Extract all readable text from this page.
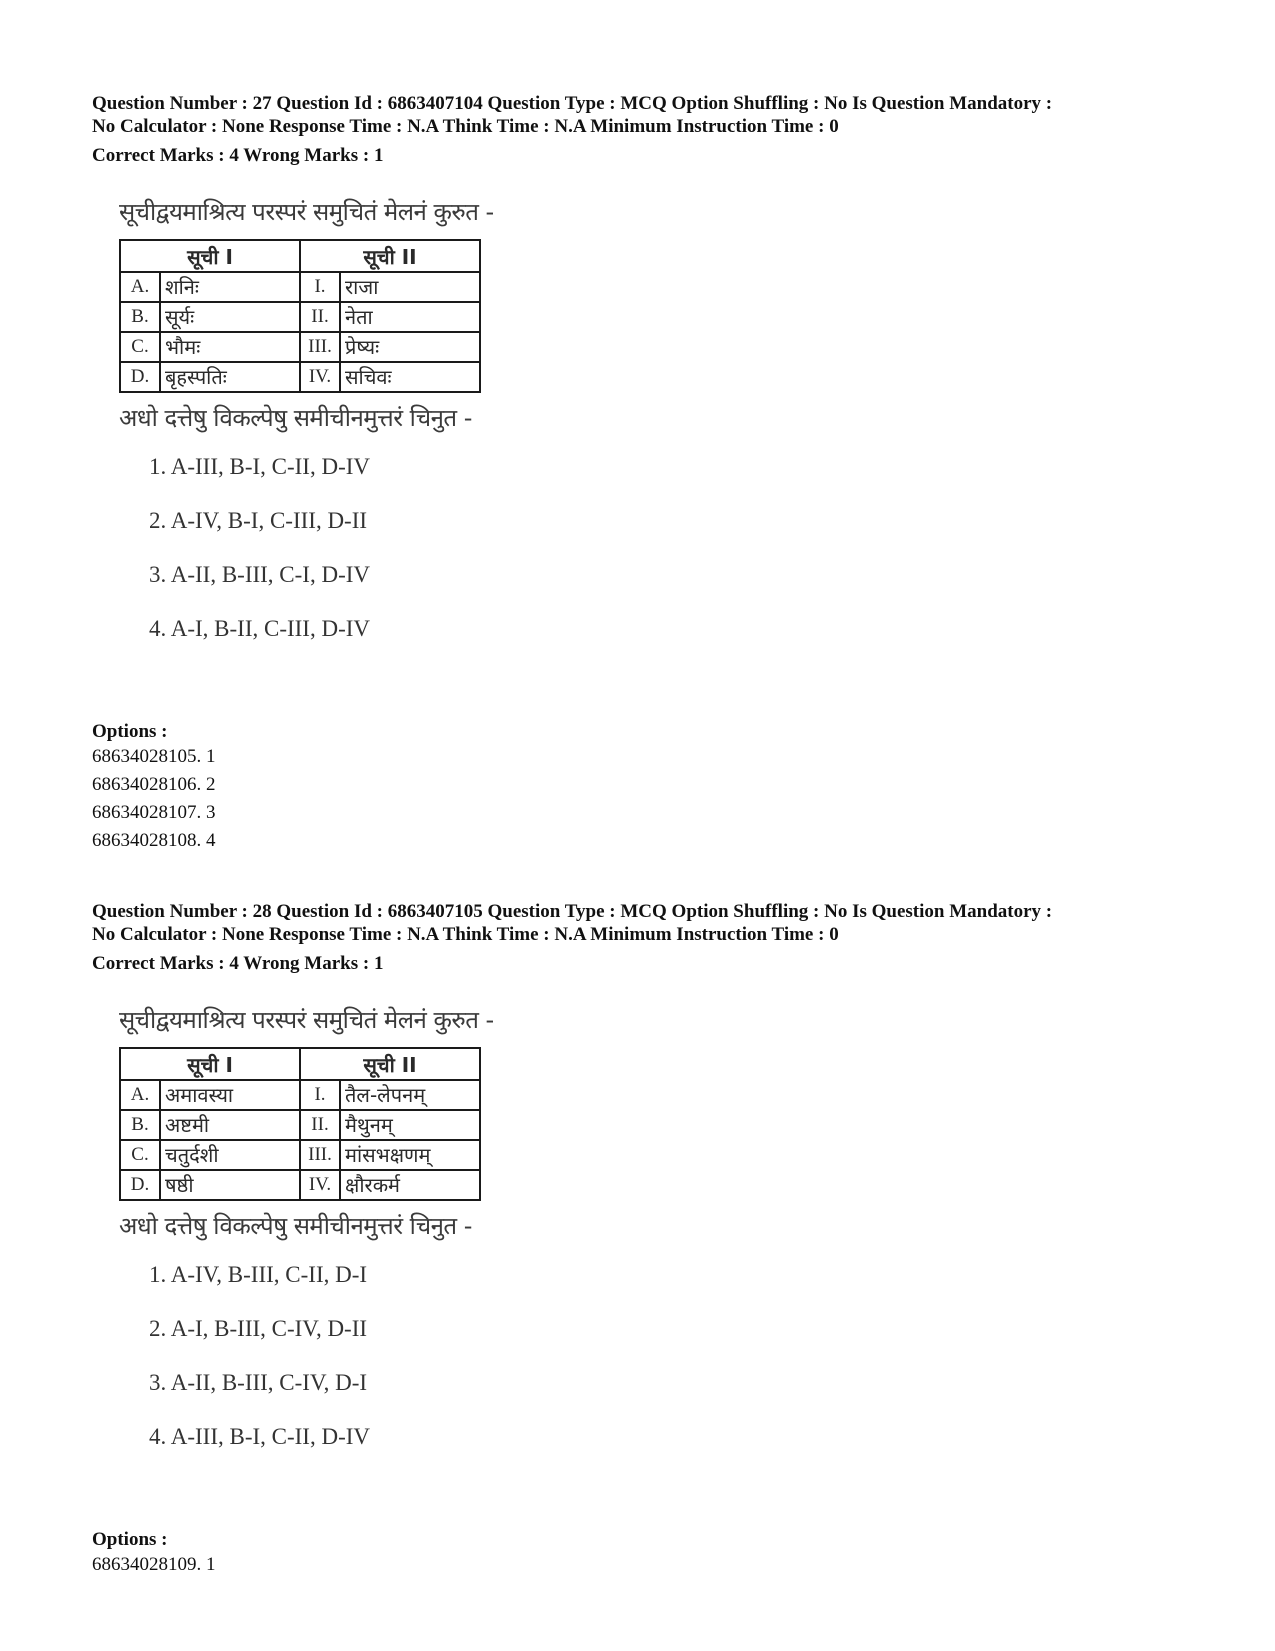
Question Number : 27 Question Id : 6863407104 Question Type : MCQ Option Shuffling : No Is Question Mandatory :

No Calculator : None Response Time : N.A Think Time : N.A Minimum Instruction Time : 0

Correct Marks : 4 Wrong Marks : 1

सूचीद्वयमाश्रित्य परस्परं समुचितं मेलनं कुरुत -

सूची I	सूची II

A. शनिः	I. राजा

B. सूर्यः	II. नेता

C. भौमः	III. प्रेष्यः

D. बृहस्पतिः	IV. सचिवः

अधो दत्तेषु विकल्पेषु समीचीनमुत्तरं चिनुत -

1. A-III, B-I, C-II, D-IV
2. A-IV, B-I, C-III, D-II
3. A-II, B-III, C-I, D-IV
4. A-I, B-II, C-III, D-IV

Options :

68634028105. 1

68634028106. 2

68634028107. 3

68634028108. 4

Question Number : 28 Question Id : 6863407105 Question Type : MCQ Option Shuffling : No Is Question Mandatory :

No Calculator : None Response Time : N.A Think Time : N.A Minimum Instruction Time : 0

Correct Marks : 4 Wrong Marks : 1

सूचीद्वयमाश्रित्य परस्परं समुचितं मेलनं कुरुत -

सूची I	सूची II

A. अमावस्या	I. तैल-लेपनम्

B. अष्टमी	II. मैथुनम्

C. चतुर्दशी	III. मांसभक्षणम्

D. षष्ठी	IV. क्षौरकर्म

अधो दत्तेषु विकल्पेषु समीचीनमुत्तरं चिनुत -

1. A-IV, B-III, C-II, D-I
2. A-I, B-III, C-IV, D-II
3. A-II, B-III, C-IV, D-I
4. A-III, B-I, C-II, D-IV

Options :

68634028109. 1
